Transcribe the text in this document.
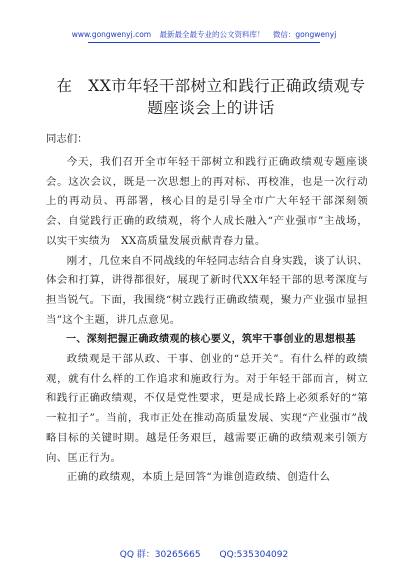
www.gongwenyj.com 最新最全最专业的公文资料库！ 微信：gongwenyj
在　XX市年轻干部树立和践行正确政绩观专题座谈会上的讲话

同志们：

今天，我们召开全市年轻干部树立和践行正确政绩观专题座谈会。这次会议，既是一次思想上的再对标、再校准，也是一次行动上的再动员、再部署，核心目的是引导全市广大年轻干部深刻领会、自觉践行正确的政绩观，将个人成长融入“产业强市”主战场，以实干实绩为　XX高质量发展贡献青春力量。

刚才，几位来自不同战线的年轻同志结合自身实践，谈了认识、体会和打算，讲得都很好，展现了新时代XX年轻干部的思考深度与担当锐气。下面，我围绕“树立践行正确政绩观，聚力产业强市显担当”这个主题，讲几点意见。

一、深刻把握正确政绩观的核心要义，筑牢干事创业的思想根基

政绩观是干部从政、干事、创业的“总开关”。有什么样的政绩观，就有什么样的工作追求和施政行为。对于年轻干部而言，树立和践行正确政绩观，不仅是党性要求，更是成长路上必须系好的“第一粒扣子”。当前，我市正处在推动高质量发展、实现“产业强市”战略目标的关键时期。越是任务艰巨，越需要正确的政绩观来引领方向、匡正行为。

正确的政绩观，本质上是回答“为谁创造政绩、创造什么

QQ 群：30265665 QQ:535304092
